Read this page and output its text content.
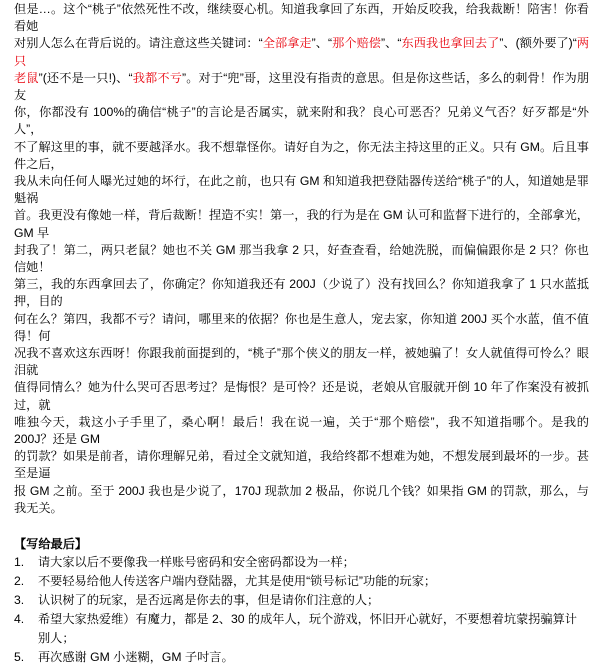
但是…。这个“桃子”依然死性不改，继续耍心机。知道我拿回了东西，开始反咬我，给我裁断！陪害！你看看她

对别人怎么在背后说的。请注意这些关键词：“全部拿走”、“那个赔偿”、“东西我也拿回去了”、(额外要了)“两只

老鼠”(还不是一只!)、“我都不亏”。对于“兜”哥，这里没有指责的意思。但是你这些话，多么的刺骨！作为朋友

你，你都没有 100%的确信“桃子”的言论是否属实，就来附和我？良心可恶否？兄弟义气否？好歹都是“外人”，

不了解这里的事，就不要越泽水。我不想靠怪你。请好自为之，你无法主持这里的正义。只有 GM。后且事件之后，

我从未向任何人曝光过她的坏行，在此之前，也只有 GM 和知道我把登陆器传送给“桃子”的人，知道她是罪魁祸

首。我更没有像她一样，背后裁断！捏造不实！第一，我的行为是在 GM 认可和监督下进行的，全部拿光，GM 早

封我了！第二，两只老鼠？她也不关 GM 那当我拿 2 只，好查查看，给她洗脱，而偏偏跟你是 2 只？你也信她！

第三，我的东西拿回去了，你确定？你知道我还有 200J（少说了）没有找回么？你知道我拿了 1 只水蓝抵押，目的

何在么？第四，我都不亏？请问，哪里来的依据？你也是生意人，宠去家，你知道 200J 买个水蓝，值不值得！何

况我不喜欢这东西呀！你跟我前面提到的，“桃子”那个侠义的朋友一样，被她骗了！女人就值得可怜么？眼泪就

值得同情么？她为什么哭可否思考过？是悔恨？是可怜？还是说，老娘从官服就开倒 10 年了作案没有被抓过，就

唯独今天，栽这小子手里了，桑心啊！最后！我在说一遍，关于“那个赔偿”，我不知道指哪个。是我的 200J？还是 GM

的罚款？如果是前者，请你理解兄弟，看过全文就知道，我给终都不想难为她，不想发展到最坏的一步。甚至是逼

报 GM 之前。至于 200J 我也是少说了，170J 现款加 2 极品，你说几个钱？如果指 GM 的罚款，那么，与我无关。

【写给最后】

1. 请大家以后不要像我一样账号密码和安全密码都设为一样；
2. 不要轻易给他人传送客户端内登陆器，尤其是使用“锁号标记”功能的玩家；
3. 认识树了的玩家，是否远离是你去的事，但是请你们注意的人；
4. 希望大家热爱维）有魔力，都是 2、30 的成年人，玩个游戏，怀旧开心就好，不要想着坑蒙拐骗算计别人；
5. 再次感谢 GM 小迷糊，GM 子吋言。
